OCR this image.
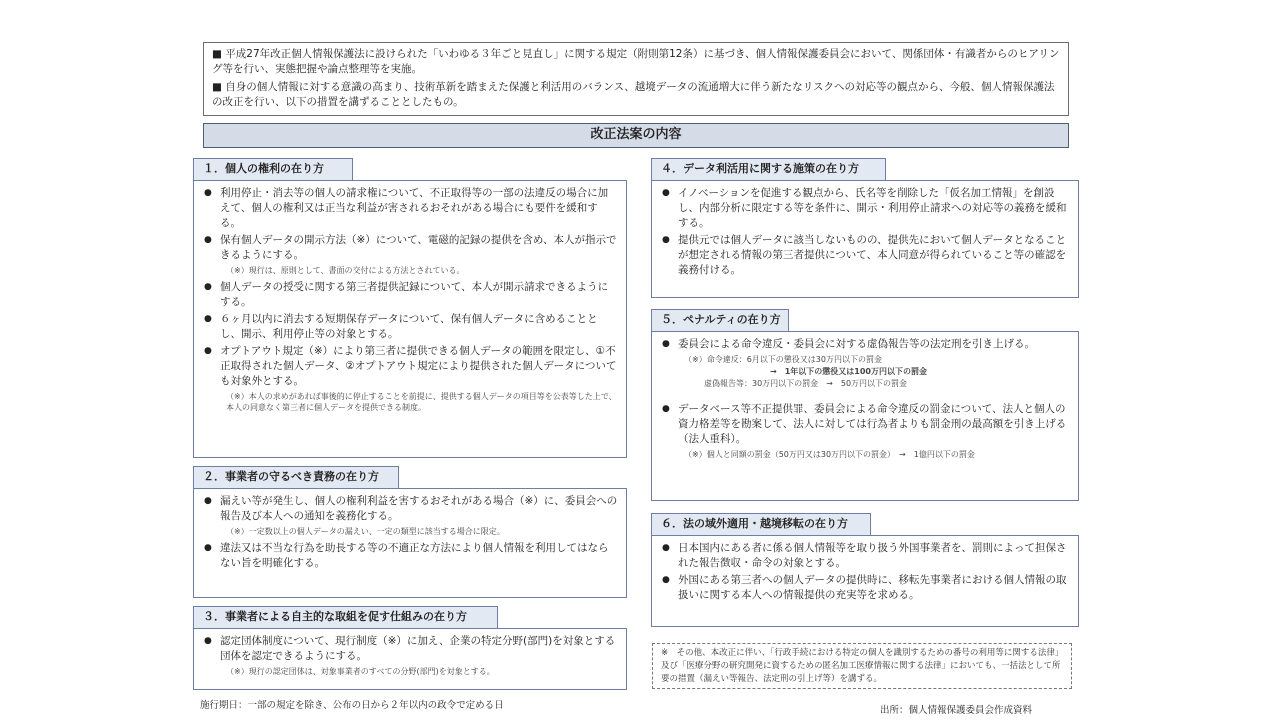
■ 平成27年改正個人情報保護法に設けられた「いわゆる３年ごと見直し」に関する規定（附則第12条）に基づき、個人情報保護委員会において、関係団体・有識者からのヒアリング等を行い、実態把握や論点整理等を実施。

■ 自身の個人情報に対する意識の高まり、技術革新を踏まえた保護と利活用のバランス、越境データの流通増大に伴う新たなリスクへの対応等の観点から、今般、個人情報保護法の改正を行い、以下の措置を講ずることとしたもの。

改正法案の内容
１．個人の権利の在り方
● 利用停止・消去等の個人の請求権について、不正取得等の一部の法違反の場合に加えて、個人の権利又は正当な利益が害されるおそれがある場合にも要件を緩和する。
● 保有個人データの開示方法（※）について、電磁的記録の提供を含め、本人が指示できるようにする。
（※）現行は、原則として、書面の交付による方法とされている。
● 個人データの授受に関する第三者提供記録について、本人が開示請求できるようにする。
● ６ヶ月以内に消去する短期保存データについて、保有個人データに含めることとし、開示、利用停止等の対象とする。
● オプトアウト規定（※）により第三者に提供できる個人データの範囲を限定し、①不正取得された個人データ、②オプトアウト規定により提供された個人データについても対象外とする。
（※）本人の求めがあれば事後的に停止することを前提に、提供する個人データの項目等を公表等した上で、本人の同意なく第三者に個人データを提供できる制度。
２．事業者の守るべき責務の在り方
● 漏えい等が発生し、個人の権利利益を害するおそれがある場合（※）に、委員会への報告及び本人への通知を義務化する。
（※）一定数以上の個人データの漏えい、一定の類型に該当する場合に限定。
● 違法又は不当な行為を助長する等の不適正な方法により個人情報を利用してはならない旨を明確化する。
３．事業者による自主的な取組を促す仕組みの在り方
● 認定団体制度について、現行制度（※）に加え、企業の特定分野(部門)を対象とする団体を認定できるようにする。
（※）現行の認定団体は、対象事業者のすべての分野(部門)を対象とする。
４．データ利活用に関する施策の在り方
● イノベーションを促進する観点から、氏名等を削除した「仮名加工情報」を創設し、内部分析に限定する等を条件に、開示・利用停止請求への対応等の義務を緩和する。
● 提供元では個人データに該当しないものの、提供先において個人データとなることが想定される情報の第三者提供について、本人同意が得られていること等の確認を義務付ける。
５．ペナルティの在り方
● 委員会による命令違反・委員会に対する虚偽報告等の法定刑を引き上げる。
（※）命令違反：6月以下の懲役又は30万円以下の罰金
→　1年以下の懲役又は100万円以下の罰金
虚偽報告等：30万円以下の罰金　→　50万円以下の罰金
● データベース等不正提供罪、委員会による命令違反の罰金について、法人と個人の資力格差等を勘案して、法人に対しては行為者よりも罰金刑の最高額を引き上げる（法人重科）。
（※）個人と同額の罰金（50万円又は30万円以下の罰金）　→　1億円以下の罰金
６．法の域外適用・越境移転の在り方
● 日本国内にある者に係る個人情報等を取り扱う外国事業者を、罰則によって担保された報告徴収・命令の対象とする。
● 外国にある第三者への個人データの提供時に、移転先事業者における個人情報の取扱いに関する本人への情報提供の充実等を求める。
※　その他、本改正に伴い、「行政手続における特定の個人を識別するための番号の利用等に関する法律」及び「医療分野の研究開発に資するための匿名加工医療情報に関する法律」においても、一括法として所要の措置（漏えい等報告、法定刑の引上げ等）を講ずる。
施行期日：一部の規定を除き、公布の日から２年以内の政令で定める日	出所：個人情報保護委員会作成資料
